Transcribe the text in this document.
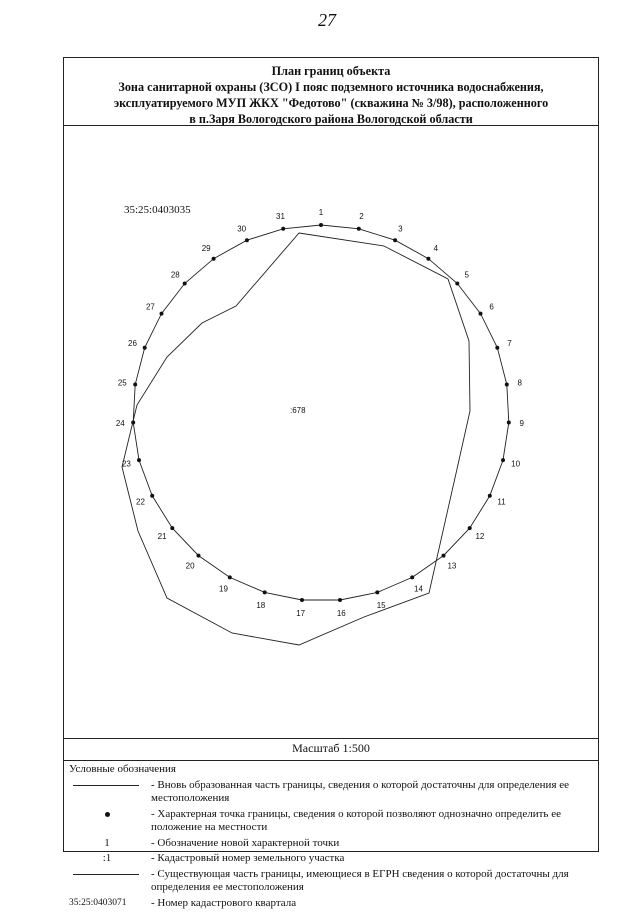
27
План границ объекта
Зона санитарной охраны (ЗСО) I пояс подземного источника водоснабжения,
эксплуатируемого МУП ЖКХ "Федотово" (скважина № 3/98), расположенного
в п.Заря Вологодского района Вологодской области
1	2
3
4
5
6
7
8
9
10
11
12
13
14
15
16
17
18
19
20
21
22
23
24
25
26
27
28
29
30
31
:678
35:25:0403035
Масштаб 1:500
Условные обозначения
- Вновь образованная часть границы, сведения о которой достаточны для определения ее местоположения
- Характерная точка границы, сведения о которой позволяют однозначно определить ее положение на местности
1	- Обозначение новой характерной точки
:1	- Кадастровый номер земельного участка
- Существующая часть границы, имеющиеся в ЕГРН сведения о которой достаточны для определения ее местоположения
35:25:0403071	- Номер кадастрового квартала
